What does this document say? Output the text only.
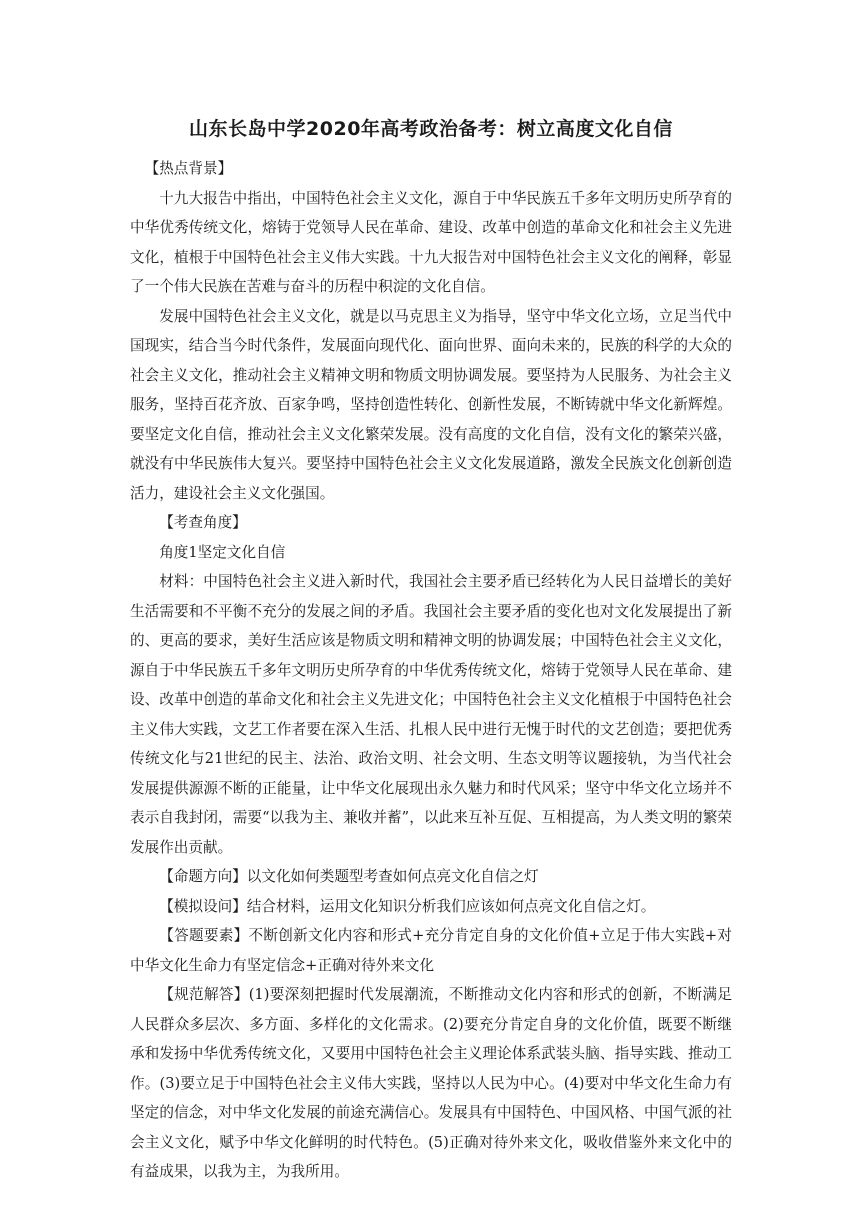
山东长岛中学2020年高考政治备考：树立高度文化自信

【热点背景】

十九大报告中指出，中国特色社会主义文化，源自于中华民族五千多年文明历史所孕育的中华优秀传统文化，熔铸于党领导人民在革命、建设、改革中创造的革命文化和社会主义先进文化，植根于中国特色社会主义伟大实践。十九大报告对中国特色社会主义文化的阐释，彰显了一个伟大民族在苦难与奋斗的历程中积淀的文化自信。

发展中国特色社会主义文化，就是以马克思主义为指导，坚守中华文化立场，立足当代中国现实，结合当今时代条件，发展面向现代化、面向世界、面向未来的，民族的科学的大众的社会主义文化，推动社会主义精神文明和物质文明协调发展。要坚持为人民服务、为社会主义服务，坚持百花齐放、百家争鸣，坚持创造性转化、创新性发展，不断铸就中华文化新辉煌。要坚定文化自信，推动社会主义文化繁荣发展。没有高度的文化自信，没有文化的繁荣兴盛，就没有中华民族伟大复兴。要坚持中国特色社会主义文化发展道路，激发全民族文化创新创造活力，建设社会主义文化强国。

【考查角度】

角度1坚定文化自信

材料：中国特色社会主义进入新时代，我国社会主要矛盾已经转化为人民日益增长的美好生活需要和不平衡不充分的发展之间的矛盾。我国社会主要矛盾的变化也对文化发展提出了新的、更高的要求，美好生活应该是物质文明和精神文明的协调发展；中国特色社会主义文化，源自于中华民族五千多年文明历史所孕育的中华优秀传统文化，熔铸于党领导人民在革命、建设、改革中创造的革命文化和社会主义先进文化；中国特色社会主义文化植根于中国特色社会主义伟大实践，文艺工作者要在深入生活、扎根人民中进行无愧于时代的文艺创造；要把优秀传统文化与21世纪的民主、法治、政治文明、社会文明、生态文明等议题接轨，为当代社会发展提供源源不断的正能量，让中华文化展现出永久魅力和时代风采；坚守中华文化立场并不表示自我封闭，需要“以我为主、兼收并蓄”，以此来互补互促、互相提高，为人类文明的繁荣发展作出贡献。

【命题方向】以文化如何类题型考查如何点亮文化自信之灯

【模拟设问】结合材料，运用文化知识分析我们应该如何点亮文化自信之灯。

【答题要素】不断创新文化内容和形式+充分肯定自身的文化价值+立足于伟大实践+对中华文化生命力有坚定信念+正确对待外来文化

【规范解答】(1)要深刻把握时代发展潮流，不断推动文化内容和形式的创新，不断满足人民群众多层次、多方面、多样化的文化需求。(2)要充分肯定自身的文化价值，既要不断继承和发扬中华优秀传统文化，又要用中国特色社会主义理论体系武装头脑、指导实践、推动工作。(3)要立足于中国特色社会主义伟大实践，坚持以人民为中心。(4)要对中华文化生命力有坚定的信念，对中华文化发展的前途充满信心。发展具有中国特色、中国风格、中国气派的社会主义文化，赋予中华文化鲜明的时代特色。(5)正确对待外来文化，吸收借鉴外来文化中的有益成果，以我为主，为我所用。
